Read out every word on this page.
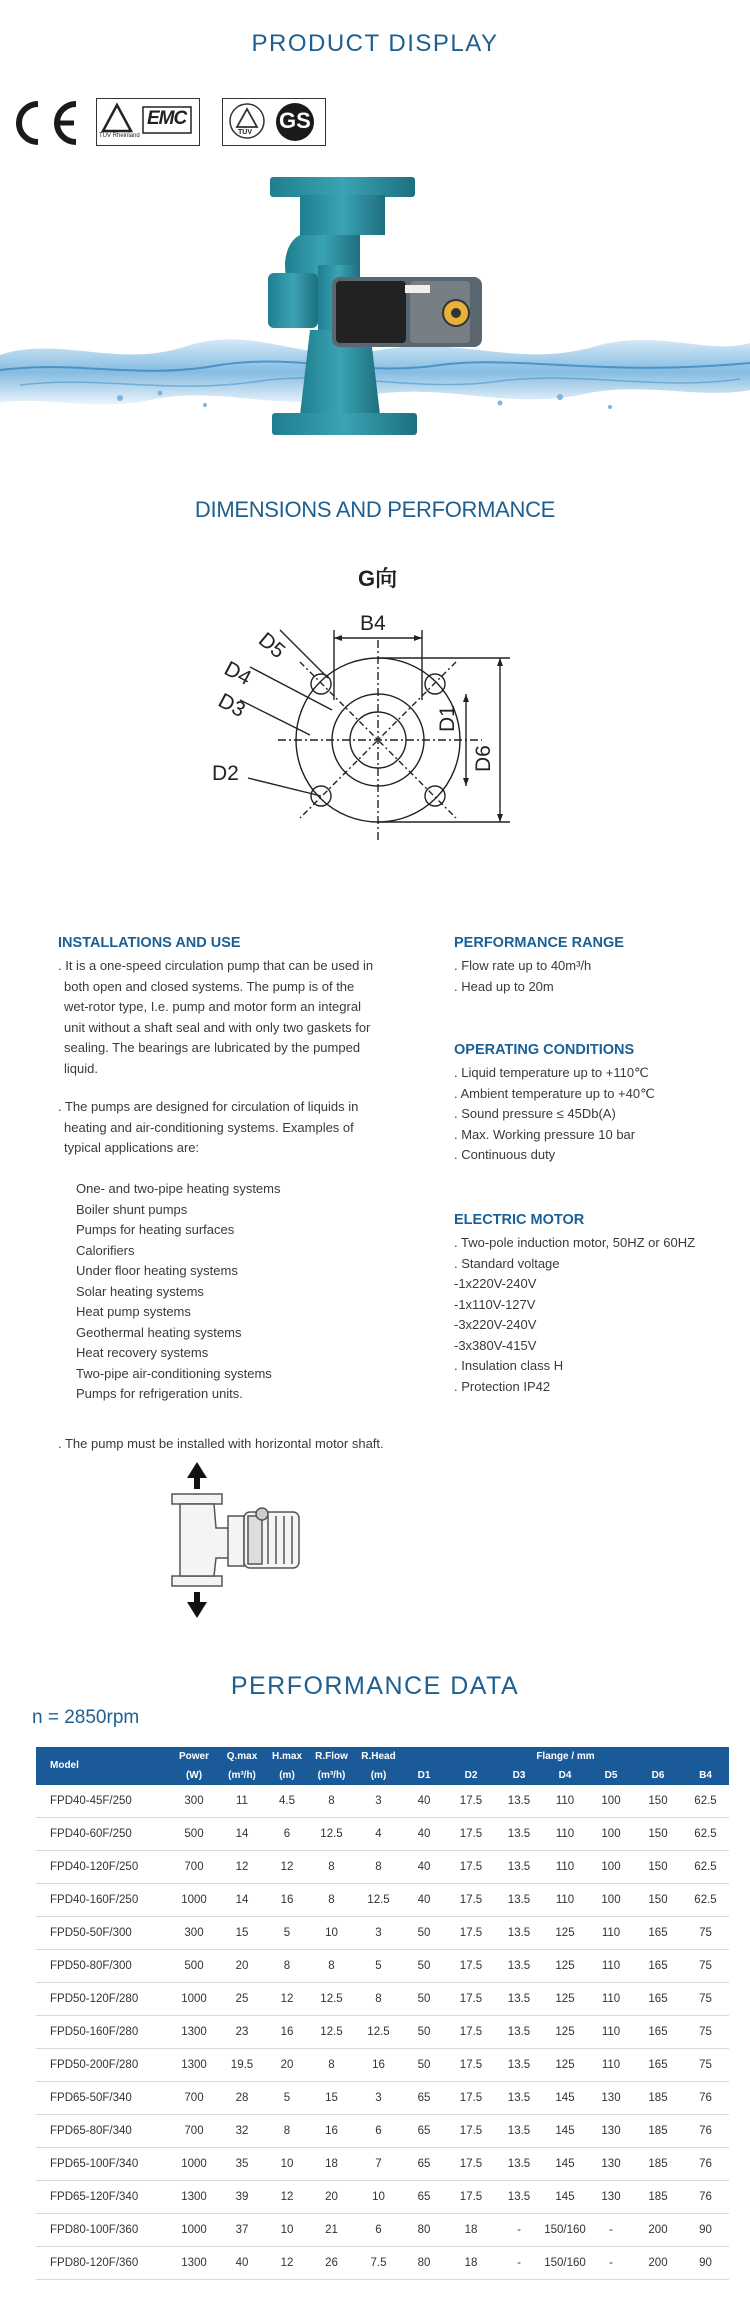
PRODUCT DISPLAY
EMC
TÜV Rheinland	TÜV GS
DIMENSIONS AND PERFORMANCE
G向
B4
D1
D6
D5
D4
D3
D2
INSTALLATIONS AND USE
. It is a one-speed circulation pump that can be used in
both open and closed systems. The pump is of the
wet-rotor type, I.e. pump and motor form an integral
unit without a shaft seal and with only two gaskets for
sealing. The bearings are lubricated by the pumped
liquid.
. The pumps are designed for circulation of liquids in
heating and air-conditioning systems. Examples of
typical applications are:
One- and two-pipe heating systems
Boiler shunt pumps
Pumps for heating surfaces
Calorifiers
Under floor heating systems
Solar heating systems
Heat pump systems
Geothermal heating systems
Heat recovery systems
Two-pipe air-conditioning systems
Pumps for refrigeration units.
. The pump must be installed with horizontal motor shaft.
PERFORMANCE RANGE
. Flow rate up to 40m³/h
. Head up to 20m
OPERATING CONDITIONS
. Liquid temperature up to +110℃
. Ambient temperature up to +40℃
. Sound pressure ≤ 45Db(A)
. Max. Working pressure 10 bar
. Continuous duty
ELECTRIC MOTOR
. Two-pole induction motor, 50HZ or 60HZ
. Standard voltage
-1x220V-240V
-1x110V-127V
-3x220V-240V
-3x380V-415V
. Insulation class H
. Protection IP42
PERFORMANCE DATA
n = 2850rpm
Model	Power	Q.max	H.max	R.Flow	R.Head	Flange / mm						
	(W)	(m³/h)	(m)	(m³/h)	(m)	D1	D2	D3	D4	D5	D6	B4
FPD40-45F/250	300	11	4.5	8	3	40	17.5	13.5	110	100	150	62.5
FPD40-60F/250	500	14	6	12.5	4	40	17.5	13.5	110	100	150	62.5
FPD40-120F/250	700	12	12	8	8	40	17.5	13.5	110	100	150	62.5
FPD40-160F/250	1000	14	16	8	12.5	40	17.5	13.5	110	100	150	62.5
FPD50-50F/300	300	15	5	10	3	50	17.5	13.5	125	110	165	75
FPD50-80F/300	500	20	8	8	5	50	17.5	13.5	125	110	165	75
FPD50-120F/280	1000	25	12	12.5	8	50	17.5	13.5	125	110	165	75
FPD50-160F/280	1300	23	16	12.5	12.5	50	17.5	13.5	125	110	165	75
FPD50-200F/280	1300	19.5	20	8	16	50	17.5	13.5	125	110	165	75
FPD65-50F/340	700	28	5	15	3	65	17.5	13.5	145	130	185	76
FPD65-80F/340	700	32	8	16	6	65	17.5	13.5	145	130	185	76
FPD65-100F/340	1000	35	10	18	7	65	17.5	13.5	145	130	185	76
FPD65-120F/340	1300	39	12	20	10	65	17.5	13.5	145	130	185	76
FPD80-100F/360	1000	37	10	21	6	80	18	-	150/160	-	200	90
FPD80-120F/360	1300	40	12	26	7.5	80	18	-	150/160	-	200	90
